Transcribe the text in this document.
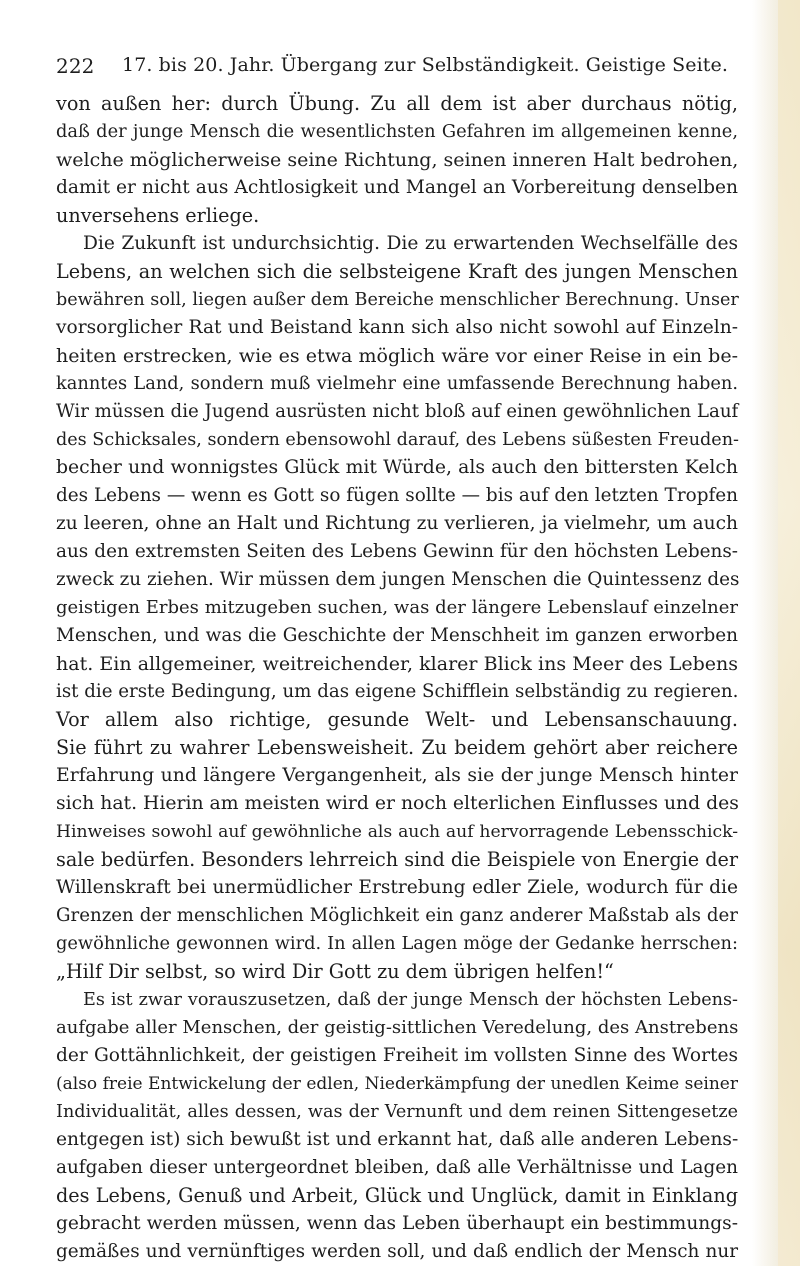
222 17. bis 20. Jahr. Übergang zur Selbständigkeit. Geistige Seite.
von außen her: durch Übung. Zu all dem ist aber durchaus nötig,
daß der junge Mensch die wesentlichsten Gefahren im allgemeinen kenne,
welche möglicherweise seine Richtung, seinen inneren Halt bedrohen,
damit er nicht aus Achtlosigkeit und Mangel an Vorbereitung denselben
unversehens erliege.
Die Zukunft ist undurchsichtig. Die zu erwartenden Wechselfälle des
Lebens, an welchen sich die selbsteigene Kraft des jungen Menschen
bewähren soll, liegen außer dem Bereiche menschlicher Berechnung. Unser
vorsorglicher Rat und Beistand kann sich also nicht sowohl auf Einzeln-
heiten erstrecken, wie es etwa möglich wäre vor einer Reise in ein be-
kanntes Land, sondern muß vielmehr eine umfassende Berechnung haben.
Wir müssen die Jugend ausrüsten nicht bloß auf einen gewöhnlichen Lauf
des Schicksales, sondern ebensowohl darauf, des Lebens süßesten Freuden-
becher und wonnigstes Glück mit Würde, als auch den bittersten Kelch
des Lebens — wenn es Gott so fügen sollte — bis auf den letzten Tropfen
zu leeren, ohne an Halt und Richtung zu verlieren, ja vielmehr, um auch
aus den extremsten Seiten des Lebens Gewinn für den höchsten Lebens-
zweck zu ziehen. Wir müssen dem jungen Menschen die Quintessenz des
geistigen Erbes mitzugeben suchen, was der längere Lebenslauf einzelner
Menschen, und was die Geschichte der Menschheit im ganzen erworben
hat. Ein allgemeiner, weitreichender, klarer Blick ins Meer des Lebens
ist die erste Bedingung, um das eigene Schifflein selbständig zu regieren.
Vor allem also richtige, gesunde Welt- und Lebensanschauung.
Sie führt zu wahrer Lebensweisheit. Zu beidem gehört aber reichere
Erfahrung und längere Vergangenheit, als sie der junge Mensch hinter
sich hat. Hierin am meisten wird er noch elterlichen Einflusses und des
Hinweises sowohl auf gewöhnliche als auch auf hervorragende Lebensschick-
sale bedürfen. Besonders lehrreich sind die Beispiele von Energie der
Willenskraft bei unermüdlicher Erstrebung edler Ziele, wodurch für die
Grenzen der menschlichen Möglichkeit ein ganz anderer Maßstab als der
gewöhnliche gewonnen wird. In allen Lagen möge der Gedanke herrschen:
„Hilf Dir selbst, so wird Dir Gott zu dem übrigen helfen!“
Es ist zwar vorauszusetzen, daß der junge Mensch der höchsten Lebens-
aufgabe aller Menschen, der geistig-sittlichen Veredelung, des Anstrebens
der Gottähnlichkeit, der geistigen Freiheit im vollsten Sinne des Wortes
(also freie Entwickelung der edlen, Niederkämpfung der unedlen Keime seiner
Individualität, alles dessen, was der Vernunft und dem reinen Sittengesetze
entgegen ist) sich bewußt ist und erkannt hat, daß alle anderen Lebens-
aufgaben dieser untergeordnet bleiben, daß alle Verhältnisse und Lagen
des Lebens, Genuß und Arbeit, Glück und Unglück, damit in Einklang
gebracht werden müssen, wenn das Leben überhaupt ein bestimmungs-
gemäßes und vernünftiges werden soll, und daß endlich der Mensch nur
